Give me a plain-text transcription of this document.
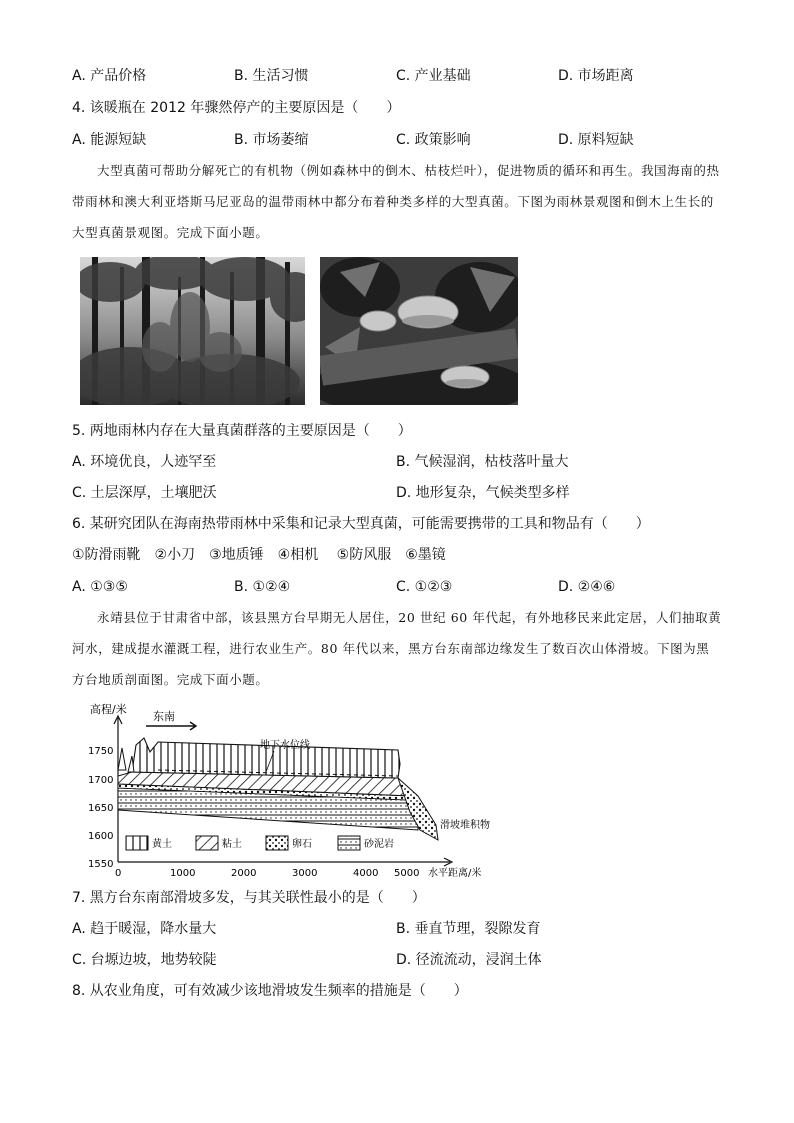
A. 产品价格	B. 生活习惯	C. 产业基础	D. 市场距离
4. 该暖瓶在 2012 年骤然停产的主要原因是（　　）
A. 能源短缺	B. 市场萎缩	C. 政策影响	D. 原料短缺

大型真菌可帮助分解死亡的有机物（例如森林中的倒木、枯枝烂叶），促进物质的循环和再生。我国海南的热带雨林和澳大利亚塔斯马尼亚岛的温带雨林中都分布着种类多样的大型真菌。下图为雨林景观图和倒木上生长的大型真菌景观图。完成下面小题。

5. 两地雨林内存在大量真菌群落的主要原因是（　　）
A. 环境优良，人迹罕至	B. 气候湿润，枯枝落叶量大
C. 土层深厚，土壤肥沃	D. 地形复杂，气候类型多样
6. 某研究团队在海南热带雨林中采集和记录大型真菌，可能需要携带的工具和物品有（　　）
①防滑雨靴　②小刀　③地质锤　④相机　 ⑤防风服　⑥墨镜
A. ①③⑤	B. ①②④	C. ①②③	D. ②④⑥

永靖县位于甘肃省中部，该县黑方台早期无人居住，20 世纪 60 年代起，有外地移民来此定居，人们抽取黄河水，建成提水灌溉工程，进行农业生产。80 年代以来，黑方台东南部边缘发生了数百次山体滑坡。下图为黑方台地质剖面图。完成下面小题。

高程/米
东南
1750
1700
1650
1600
1550
地下水位线
滑坡堆积物
黄土	粘土	卵石	砂泥岩
0	1000	2000	3000	4000 5000 水平距离/米
7. 黑方台东南部滑坡多发，与其关联性最小的是（　　）
A. 趋于暖湿，降水量大	B. 垂直节理，裂隙发育
C. 台塬边坡，地势较陡	D. 径流流动，浸润土体
8. 从农业角度，可有效减少该地滑坡发生频率的措施是（　　）
